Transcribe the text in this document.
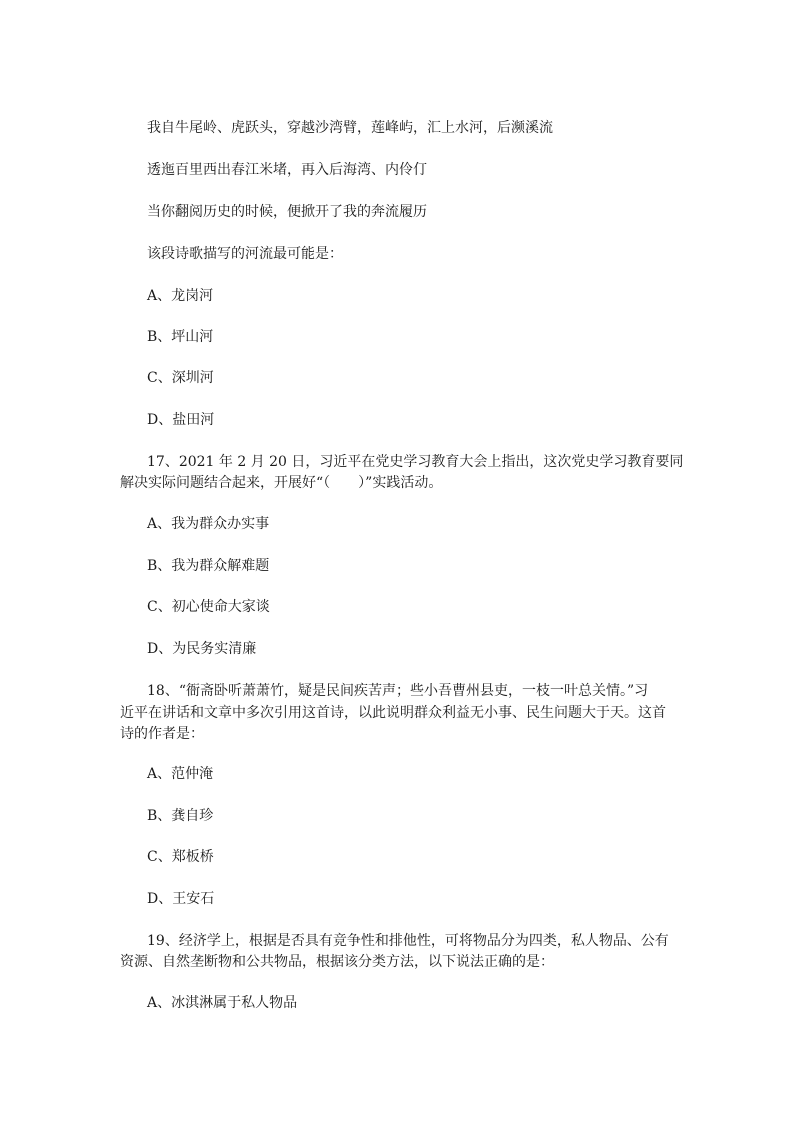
我自牛尾岭、虎跃头，穿越沙湾臂，莲峰屿，汇上水河，后濒溪流
透迤百里西出春江米堵，再入后海湾、内伶仃
当你翻阅历史的时候，便掀开了我的奔流履历
该段诗歌描写的河流最可能是：
A、龙岗河
B、坪山河
C、深圳河
D、盐田河
17、2021 年 2 月 20 日，习近平在党史学习教育大会上指出，这次党史学习教育要同
解决实际问题结合起来，开展好“（　　）”实践活动。
A、我为群众办实事
B、我为群众解难题
C、初心使命大家谈
D、为民务实清廉
18、“衙斋卧听萧萧竹，疑是民间疾苦声；些小吾曹州县吏，一枝一叶总关情。”习
近平在讲话和文章中多次引用这首诗，以此说明群众利益无小事、民生问题大于天。这首
诗的作者是：
A、范仲淹
B、龚自珍
C、郑板桥
D、王安石
19、经济学上，根据是否具有竞争性和排他性，可将物品分为四类，私人物品、公有
资源、自然垄断物和公共物品，根据该分类方法，以下说法正确的是：
A、冰淇淋属于私人物品
